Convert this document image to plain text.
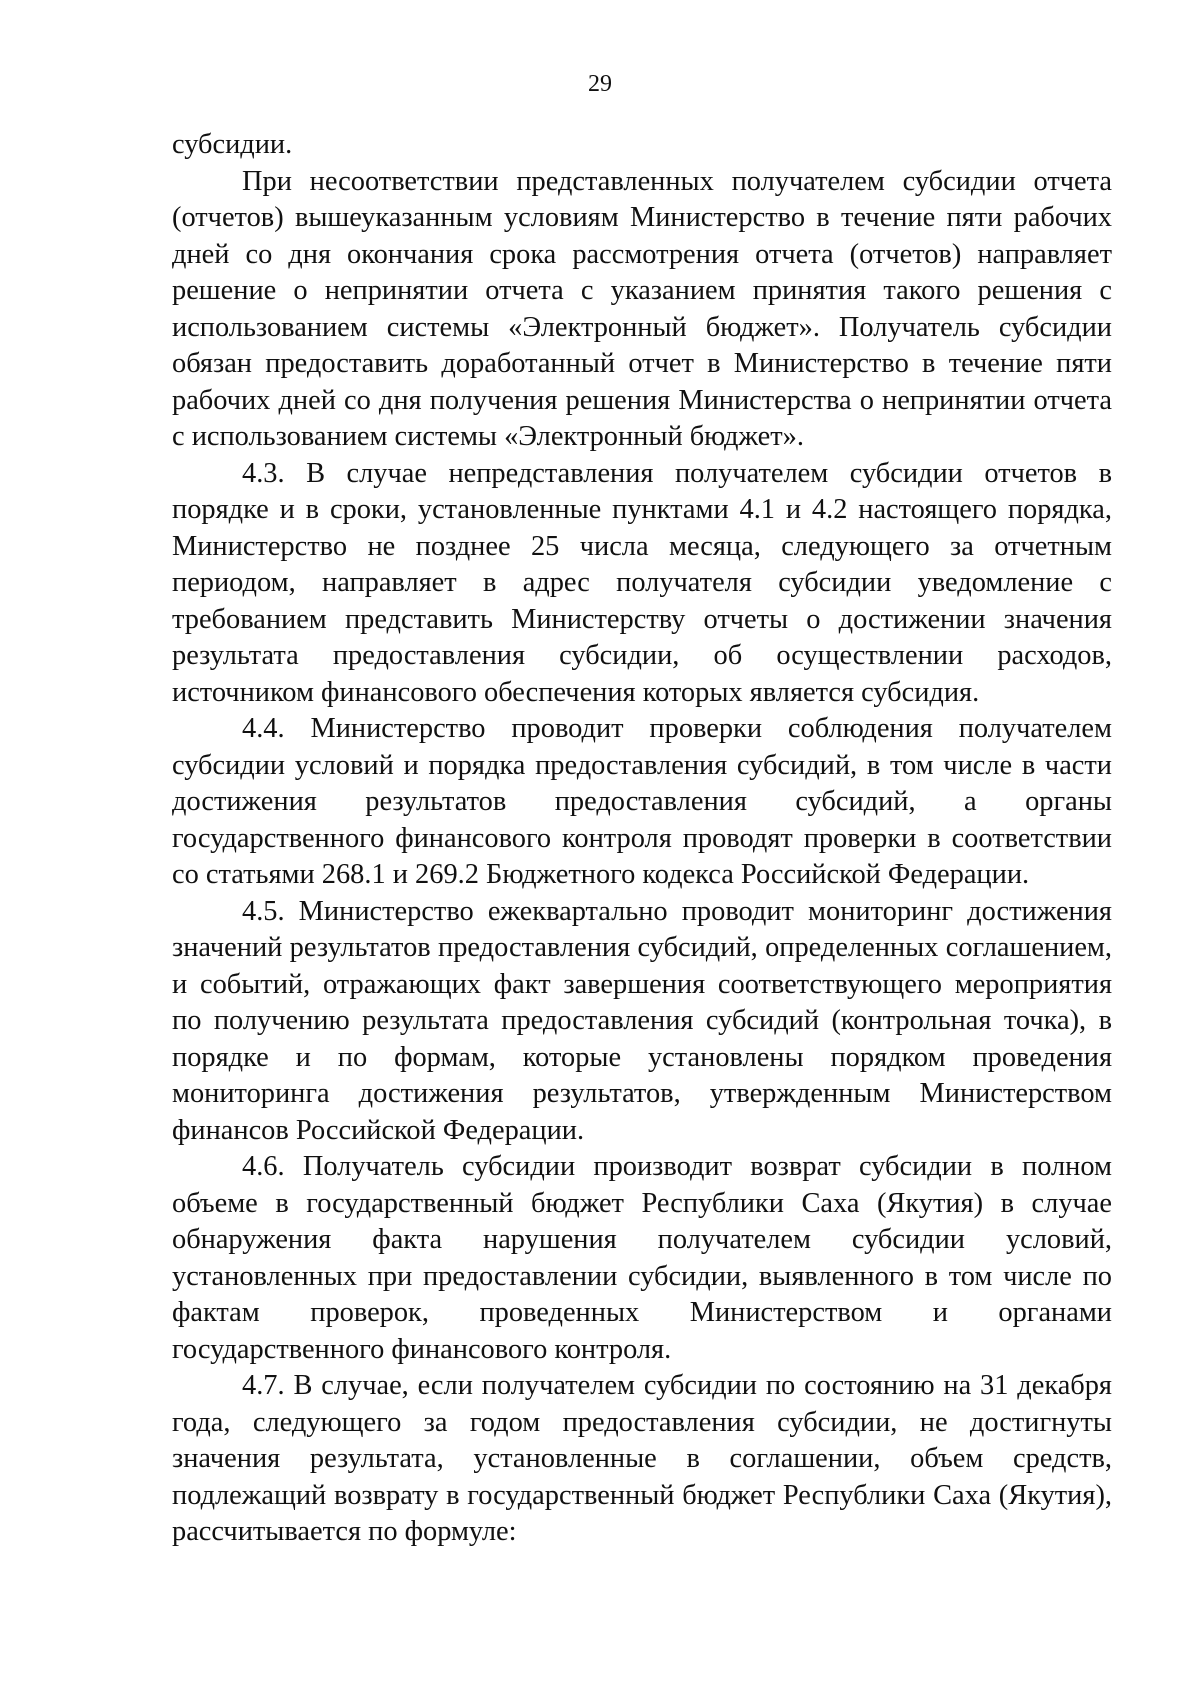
29

субсидии.

При несоответствии представленных получателем субсидии отчета (отчетов) вышеуказанным условиям Министерство в течение пяти рабочих дней со дня окончания срока рассмотрения отчета (отчетов) направляет решение о непринятии отчета с указанием принятия такого решения с использованием системы «Электронный бюджет». Получатель субсидии обязан предоставить доработанный отчет в Министерство в течение пяти рабочих дней со дня получения решения Министерства о непринятии отчета с использованием системы «Электронный бюджет».

4.3. В случае непредставления получателем субсидии отчетов в порядке и в сроки, установленные пунктами 4.1 и 4.2 настоящего порядка, Министерство не позднее 25 числа месяца, следующего за отчетным периодом, направляет в адрес получателя субсидии уведомление с требованием представить Министерству отчеты о достижении значения результата предоставления субсидии, об осуществлении расходов, источником финансового обеспечения которых является субсидия.

4.4. Министерство проводит проверки соблюдения получателем субсидии условий и порядка предоставления субсидий, в том числе в части достижения результатов предоставления субсидий, а органы государственного финансового контроля проводят проверки в соответствии со статьями 268.1 и 269.2 Бюджетного кодекса Российской Федерации.

4.5. Министерство ежеквартально проводит мониторинг достижения значений результатов предоставления субсидий, определенных соглашением, и событий, отражающих факт завершения соответствующего мероприятия по получению результата предоставления субсидий (контрольная точка), в порядке и по формам, которые установлены порядком проведения мониторинга достижения результатов, утвержденным Министерством финансов Российской Федерации.

4.6. Получатель субсидии производит возврат субсидии в полном объеме в государственный бюджет Республики Саха (Якутия) в случае обнаружения факта нарушения получателем субсидии условий, установленных при предоставлении субсидии, выявленного в том числе по фактам проверок, проведенных Министерством и органами государственного финансового контроля.

4.7. В случае, если получателем субсидии по состоянию на 31 декабря года, следующего за годом предоставления субсидии, не достигнуты значения результата, установленные в соглашении, объем средств, подлежащий возврату в государственный бюджет Республики Саха (Якутия), рассчитывается по формуле:
